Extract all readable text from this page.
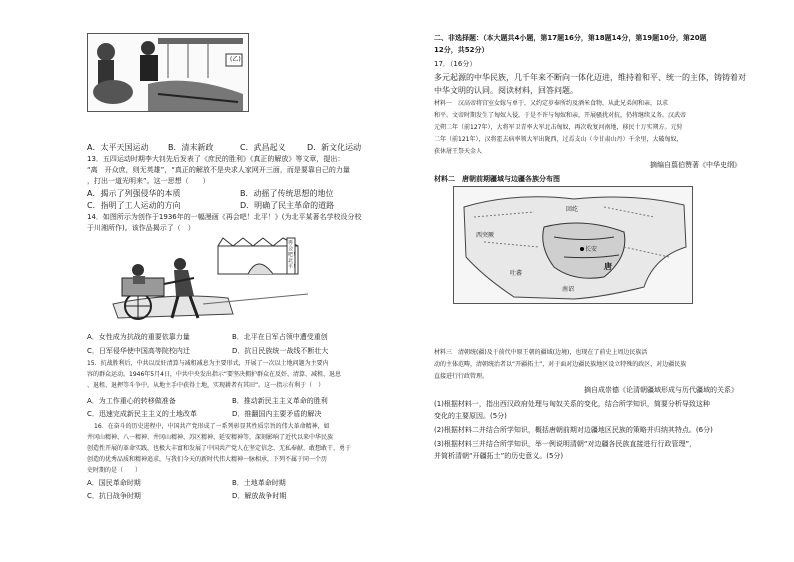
(乙)
A．太平天国运动 B．清末新政	C．武昌起义	D．新文化运动
13．五四运动时期李大钊先后发表了《庶民的胜利》《真正的解放》等文章，提出：
“离　开众庶，则无英雄”，“真正的解放不是央求人家网开三面，而是要靠自己的力量
，打出一道光明来”。这一思想（　　）
A．揭示了列强侵华的本质	B．动摇了传统思想的地位
C．指明了工人运动的方向	D．明确了民主革命的道路
14．如图所示为创作于1936年的一幅漫画《再会吧！北平！》(为北平某著名学校设分校
于川湘所作)。该作品揭示了（　）
再会吧！北平！
A．女性成为抗战的重要依靠力量	B．北平在日军占领中遭受重创
C．日军侵华使中国高等院校内迁	D．抗日民族统一战线不断壮大
15．抗战胜利后，中共以反奸清算与减租减息为主要形式，开展了一次以土地问题为主要内
容的群众运动。1946年5月4日，中共中央发出指示“要坚决拥护群众在反奸、清算、减租、退息
、退租、退押等斗争中，从地主手中获得土地，实现耕者有其田”。这一指示有利于（　）
A．为工作重心的转移做准备	B．推动新民主主义革命的胜利
C．迅速完成新民主主义的土地改革	D．推翻国内主要矛盾的解决
16．在奋斗的历史进程中，中国共产党形成了一系列彰显其性质宗旨的伟大革命精神，如
井冈山精神、八一精神、井冈山精神、苏区精神、延安精神等，深刻影响了近代以来中华民族
创造性开展的革命实践，也极大丰富和发展了中国共产党人在坚定信念、无私奉献、敢想敢干、勇于
创造的优秀品质和精神追求，与我们今天的新时代伟大精神一脉相承，下列不属于同一个历
史时期的是（　　）
A．国民革命时期	B．土地革命时期
C．抗日战争时期	D．解放战争时期
二、非选择题：（本大题共4小题，第17题16分，第18题14分，第19题10分，第20题
12分，共52分）
17．（16分）
多元起源的中华民族，几千年来不断向一体化迈进，维持着和平、统一的主体，铸铸着对
中华文明的认同。阅读材料，回答问题。
材料一　汉高帝将宫室女嫁与单于，又约定岁奉所约及酒米食物，从此兄弟间和亲，以求
和平。文帝时期发生了匈奴入侵，于是不许与匈奴和亲，开展骚扰对抗，仍将继续义务。汉武帝
元朔二年（前127年），大将军卫青率大军北击匈奴，再次收复河南地，移民十万实朔方。元狩
二年（前121年），汉将霍去病率领大军出陇西，过焉支山（今甘肃山丹）千余里，大破匈奴，
获休屠王祭天金人
摘编自翦伯赞著《中华史纲》
材料二　唐朝前期疆域与边疆各族分布图
西突厥
回纥
唐
长安
吐蕃
南诏
材料三　清朝统(疆)及于前代中原王朝的疆域(边境)，也现在了前史上周边民族活
动的主体范畴，清朝统治者以“开疆拓土”，对于面对边疆民族地区设立特殊的政区，对边疆民族
直接进行行政管理。
摘自成崇德《论清朝疆域形成与历代疆域的关系》
(1)根据材料一，指出西汉政府处理与匈奴关系的变化，结合所学知识，简要分析导致这种
变化的主要原因。(5分)
(2)根据材料二并结合所学知识，概括唐朝前期对边疆地区民族的策略并归纳其特点。(6分)
(3)根据材料三并结合所学知识，举一例说明清朝“对边疆各民族直接进行行政管理”，
并简析清朝“开疆拓土”的历史意义。(5分)
